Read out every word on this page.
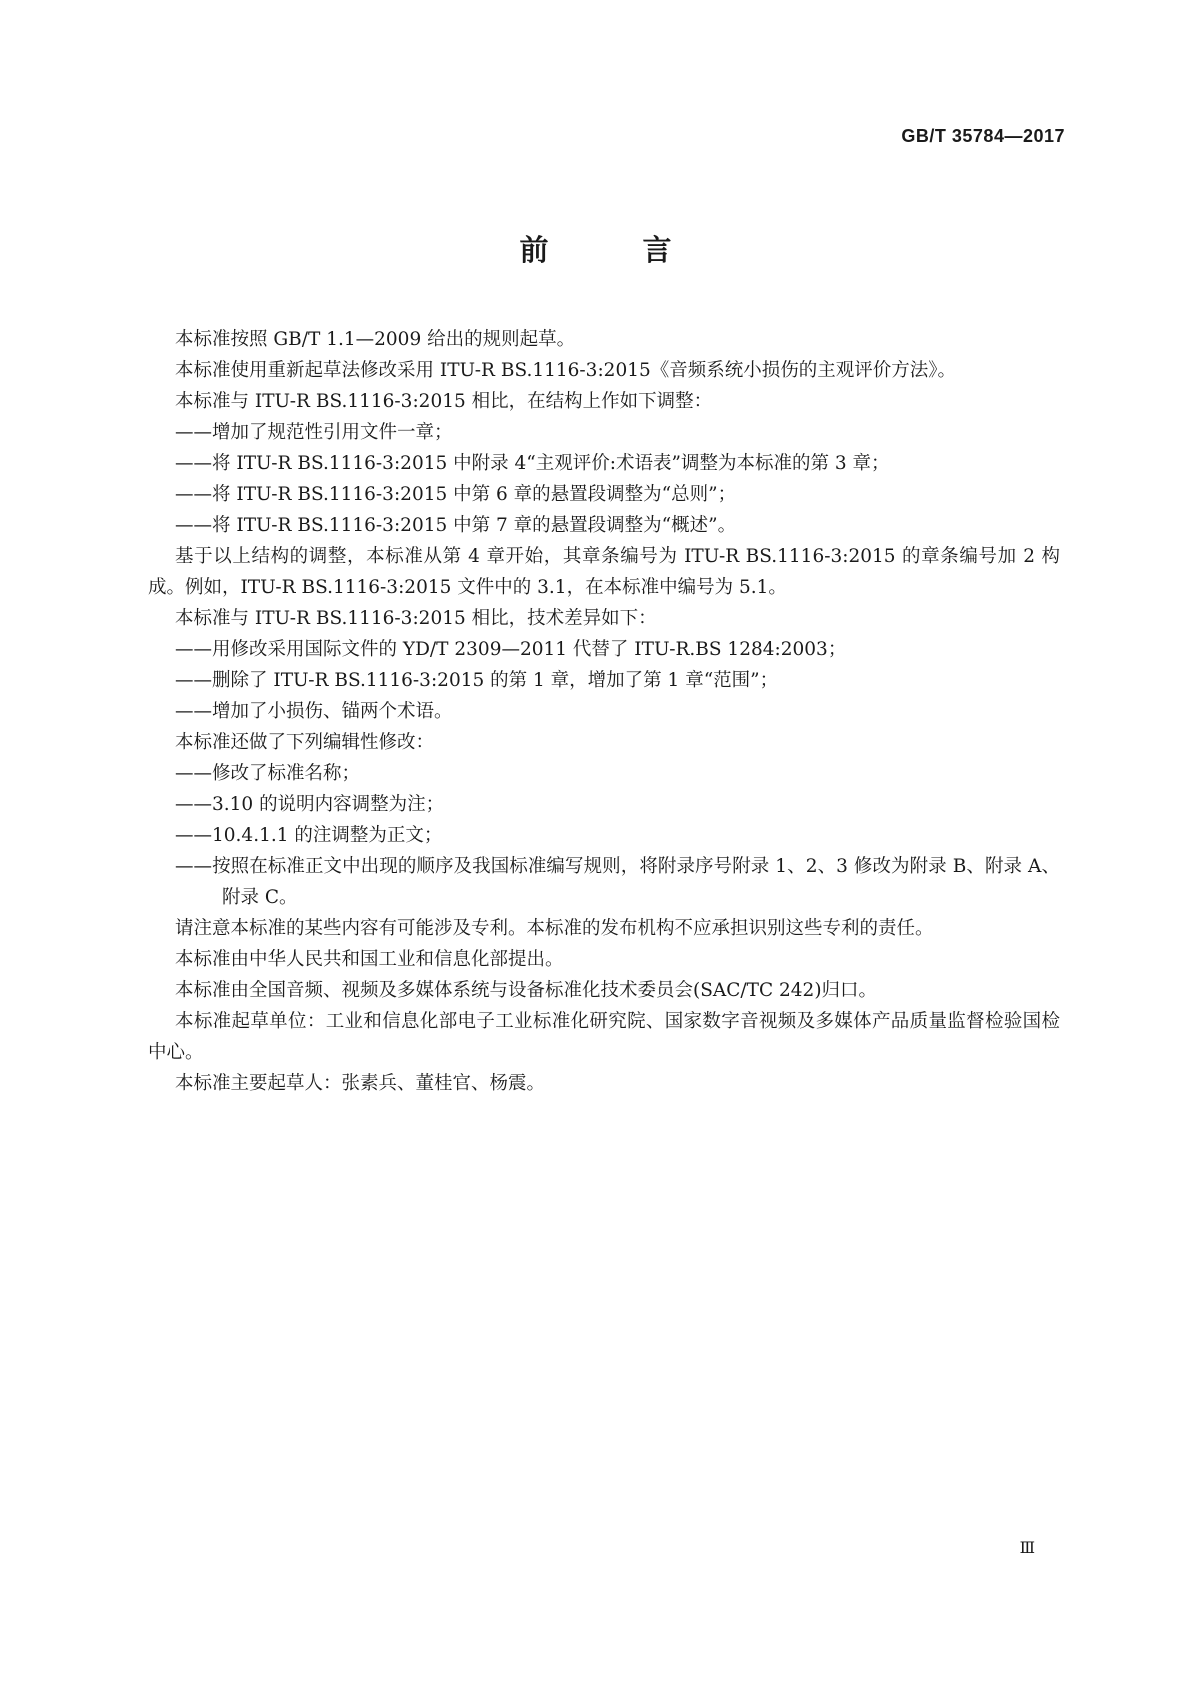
GB/T 35784—2017
前 言

本标准按照 GB/T 1.1—2009 给出的规则起草。

本标准使用重新起草法修改采用 ITU-R BS.1116-3:2015《音频系统小损伤的主观评价方法》。

本标准与 ITU-R BS.1116-3:2015 相比，在结构上作如下调整：

——增加了规范性引用文件一章；

——将 ITU-R BS.1116-3:2015 中附录 4“主观评价:术语表”调整为本标准的第 3 章；

——将 ITU-R BS.1116-3:2015 中第 6 章的悬置段调整为“总则”；

——将 ITU-R BS.1116-3:2015 中第 7 章的悬置段调整为“概述”。

基于以上结构的调整，本标准从第 4 章开始，其章条编号为 ITU-R BS.1116-3:2015 的章条编号加 2 构成。例如，ITU-R BS.1116-3:2015 文件中的 3.1，在本标准中编号为 5.1。

本标准与 ITU-R BS.1116-3:2015 相比，技术差异如下：

——用修改采用国际文件的 YD/T 2309—2011 代替了 ITU-R.BS 1284:2003；

——删除了 ITU-R BS.1116-3:2015 的第 1 章，增加了第 1 章“范围”；

——增加了小损伤、锚两个术语。

本标准还做了下列编辑性修改：

——修改了标准名称；

——3.10 的说明内容调整为注；

——10.4.1.1 的注调整为正文；

——按照在标准正文中出现的顺序及我国标准编写规则，将附录序号附录 1、2、3 修改为附录 B、附录 A、附录 C。

请注意本标准的某些内容有可能涉及专利。本标准的发布机构不应承担识别这些专利的责任。

本标准由中华人民共和国工业和信息化部提出。

本标准由全国音频、视频及多媒体系统与设备标准化技术委员会(SAC/TC 242)归口。

本标准起草单位：工业和信息化部电子工业标准化研究院、国家数字音视频及多媒体产品质量监督检验国检中心。

本标准主要起草人：张素兵、董桂官、杨震。

Ⅲ
